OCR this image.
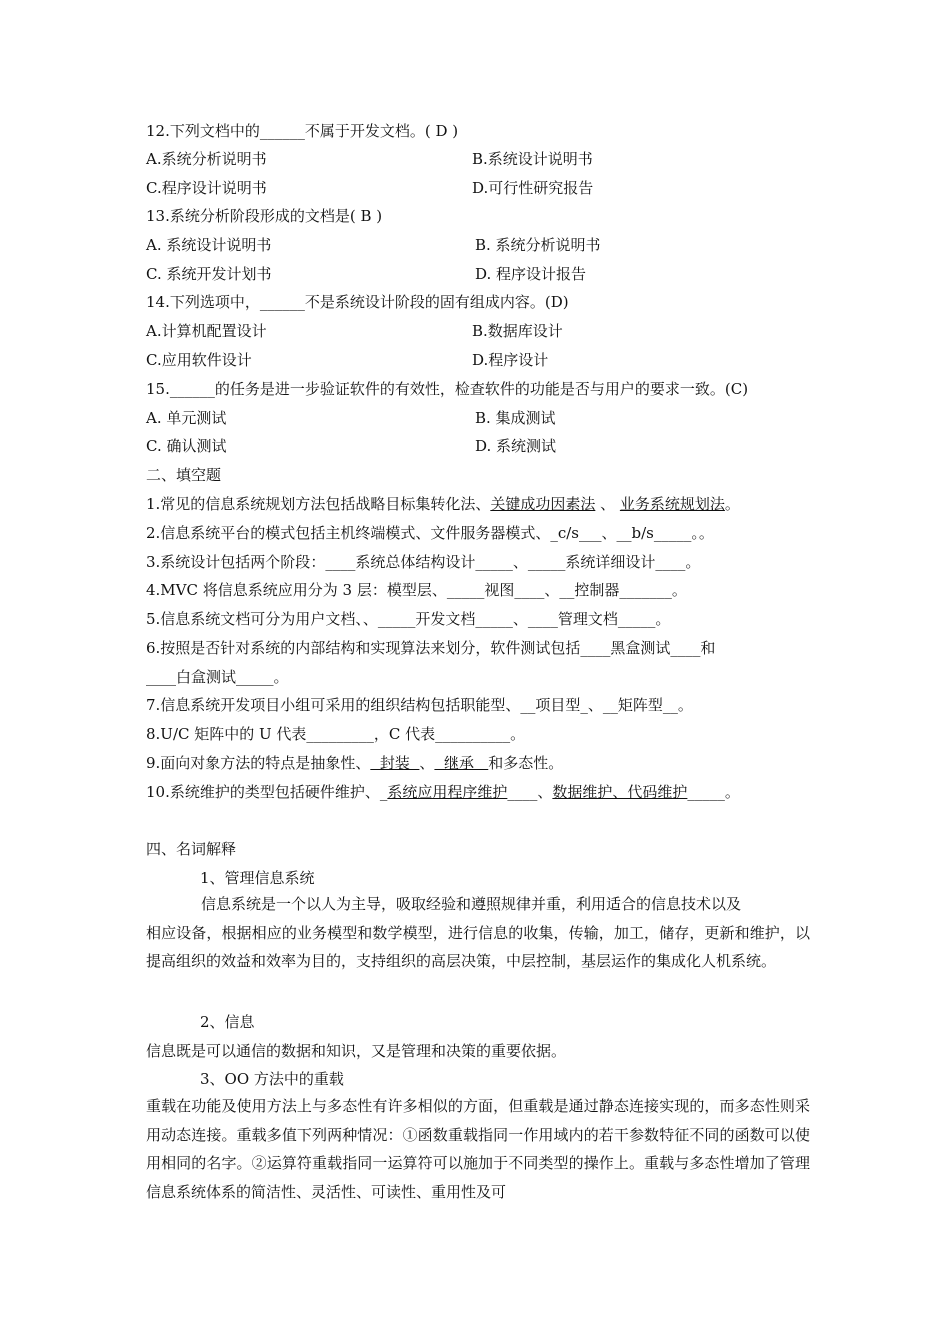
12.下列文档中的______不属于开发文档。( D )
A.系统分析说明书	B.系统设计说明书
C.程序设计说明书	D.可行性研究报告
13.系统分析阶段形成的文档是( B )
A. 系统设计说明书	B. 系统分析说明书
C. 系统开发计划书	D. 程序设计报告
14.下列选项中，______不是系统设计阶段的固有组成内容。(D)
A.计算机配置设计	B.数据库设计
C.应用软件设计	D.程序设计
15.______的任务是进一步验证软件的有效性，检查软件的功能是否与用户的要求一致。(C)
A. 单元测试	B. 集成测试
C. 确认测试	D. 系统测试
二、填空题
1.常见的信息系统规划方法包括战略目标集转化法、关键成功因素法 、 业务系统规划法。
2.信息系统平台的模式包括主机终端模式、文件服务器模式、_c/s___、__b/s_____。。
3.系统设计包括两个阶段：____系统总体结构设计_____、_____系统详细设计____。
4.MVC 将信息系统应用分为 3 层：模型层、_____视图____、__控制器_______。
5.信息系统文档可分为用户文档、、_____开发文档_____、____管理文档_____。
6.按照是否针对系统的内部结构和实现算法来划分，软件测试包括____黑盒测试____和
____白盒测试_____。
7.信息系统开发项目小组可采用的组织结构包括职能型、__项目型_、__矩阵型__。
8.U/C 矩阵中的 U 代表_________，C 代表__________。
9.面向对象方法的特点是抽象性、  封装  、  继承   和多态性。
10.系统维护的类型包括硬件维护、_系统应用程序维护____、数据维护、代码维护_____。
四、名词解释
1、管理信息系统
信息系统是一个以人为主导，吸取经验和遵照规律并重，利用适合的信息技术以及
相应设备，根据相应的业务模型和数学模型，进行信息的收集，传输，加工，储存，更新和维护，以提高组织的效益和效率为目的，支持组织的高层决策，中层控制，基层运作的集成化人机系统。
2、信息
信息既是可以通信的数据和知识，又是管理和决策的重要依据。
3、OO 方法中的重载
重载在功能及使用方法上与多态性有许多相似的方面，但重载是通过静态连接实现的，而多态性则采用动态连接。重载多值下列两种情况：①函数重载指同一作用域内的若干参数特征不同的函数可以使用相同的名字。②运算符重载指同一运算符可以施加于不同类型的操作上。重载与多态性增加了管理信息系统体系的简洁性、灵活性、可读性、重用性及可
